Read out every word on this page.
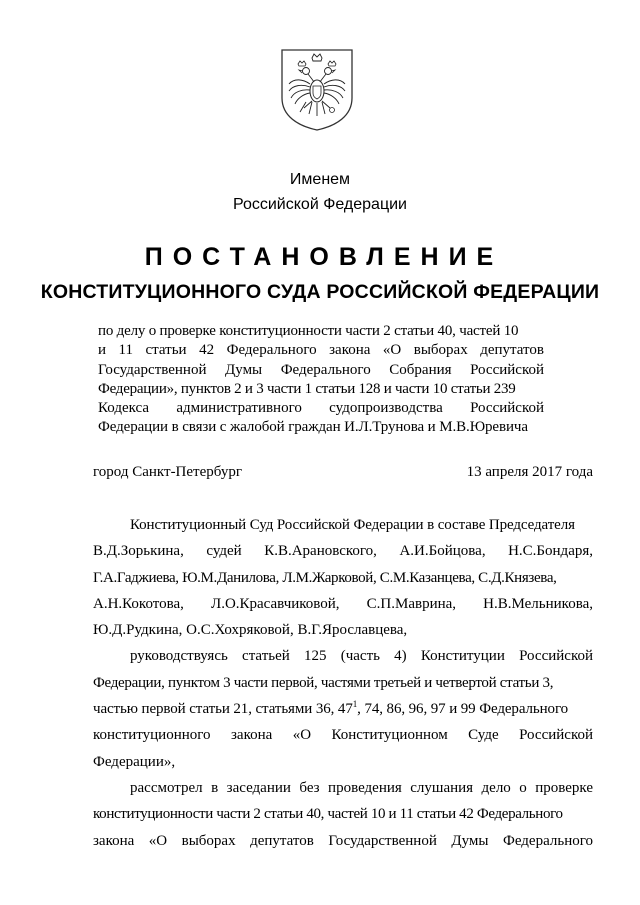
Именем
Российской Федерации
ПОСТАНОВЛЕНИЕ
КОНСТИТУЦИОННОГО СУДА РОССИЙСКОЙ ФЕДЕРАЦИИ
по делу о проверке конституционности части 2 статьи 40, частей 10
и 11 статьи 42 Федерального закона «О выборах депутатов
Государственной Думы Федерального Собрания Российской
Федерации», пунктов 2 и 3 части 1 статьи 128 и части 10 статьи 239
Кодекса административного судопроизводства Российской
Федерации в связи с жалобой граждан И.Л.Трунова и М.В.Юревича
город Санкт-Петербург	13 апреля 2017 года
Конституционный Суд Российской Федерации в составе Председателя
В.Д.Зорькина, судей К.В.Арановского, А.И.Бойцова, Н.С.Бондаря,
Г.А.Гаджиева, Ю.М.Данилова, Л.М.Жарковой, С.М.Казанцева, С.Д.Князева,
А.Н.Кокотова, Л.О.Красавчиковой, С.П.Маврина, Н.В.Мельникова,
Ю.Д.Рудкина, О.С.Хохряковой, В.Г.Ярославцева,
руководствуясь статьей 125 (часть 4) Конституции Российской
Федерации, пунктом 3 части первой, частями третьей и четвертой статьи 3,
частью первой статьи 21, статьями 36, $47^1$, 74, 86, 96, 97 и 99 Федерального
конституционного закона «О Конституционном Суде Российской
Федерации»,
рассмотрел в заседании без проведения слушания дело о проверке
конституционности части 2 статьи 40, частей 10 и 11 статьи 42 Федерального
закона «О выборах депутатов Государственной Думы Федерального
